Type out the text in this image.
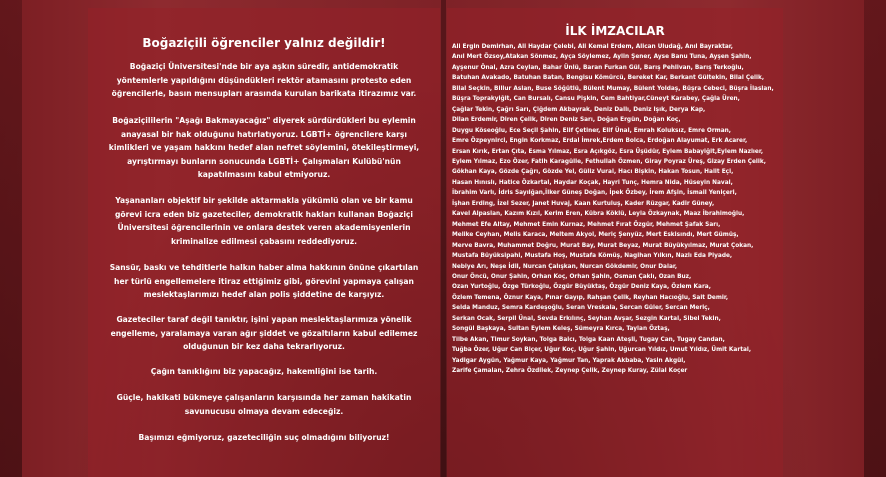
Boğaziçili öğrenciler yalnız değildir!
Boğaziçi Üniversitesi'nde bir aya aşkın süredir, antidemokratik yöntemlerle yapıldığını düşündükleri rektör atamasını protesto eden öğrencilerle, basın mensupları arasında kurulan barikata itirazımız var.
Boğaziçililerin "Aşağı Bakmayacağız" diyerek sürdürdükleri bu eylemin anayasal bir hak olduğunu hatırlatıyoruz. LGBTİ+ öğrencilere karşı kimlikleri ve yaşam hakkını hedef alan nefret söylemini, ötekileştirmeyi, ayrıştırmayı bunların sonucunda LGBTİ+ Çalışmaları Kulübü'nün kapatılmasını kabul etmiyoruz.
Yaşananları objektif bir şekilde aktarmakla yükümlü olan ve bir kamu görevi icra eden biz gazeteciler, demokratik hakları kullanan Boğaziçi Üniversitesi öğrencilerinin ve onlara destek veren akademisyenlerin kriminalize edilmesi çabasını reddediyoruz.
Sansür, baskı ve tehditlerle halkın haber alma hakkının önüne çıkartılan her türlü engellemelere itiraz ettiğimiz gibi, görevini yapmaya çalışan meslektaşlarımızı hedef alan polis şiddetine de karşıyız.
Gazeteciler taraf değil tanıktır, işini yapan meslektaşlarımıza yönelik engelleme, yaralamaya varan ağır şiddet ve gözaltıların kabul edilemez olduğunun bir kez daha tekrarlıyoruz.
Çağın tanıklığını biz yapacağız, hakemliğini ise tarih.
Güçle, hakikati bükmeye çalışanların karşısında her zaman hakikatin savunucusu olmaya devam edeceğiz.
Başımızı eğmiyoruz, gazeteciliğin suç olmadığını biliyoruz!
İLK İMZACILAR
Ali Ergin Demirhan, Ali Haydar Çelebi, Ali Kemal Erdem, Alican Uludağ, Anıl Bayraktar,
Anıl Mert Özsoy,Atakan Sönmez, Ayça Söylemez, Aylin Şener, Ayse Banu Tuna, Ayşen Şahin,
Ayşenur Önal, Azra Ceylan, Bahar Ünlü, Baran Furkan Gül, Barış Pehlivan, Barış Terkoğlu,
Batuhan Avakado, Batuhan Batan, Bengisu Kömürcü, Bereket Kar, Berkant Gültekin, Bilal Çelik,
Bilal Seçkin, Billur Aslan, Buse Söğütlü, Bülent Mumay, Bülent Yoldaş, Büşra Cebeci, Büşra İlaslan,
Büşra Toprakyiğit, Can Bursalı, Cansu Pişkin, Cem Bahtiyar,Cüneyt Karabey, Çağla Üren,
Çağlar Tekin, Çağrı Sarı, Çiğdem Akbayrak, Deniz Dallı, Deniz Işık, Derya Kap,
Dilan Erdemir, Diren Çelik, Diren Deniz Sarı, Doğan Ergün, Doğan Koç,
Duygu Köseoğlu, Ece Seçil Şahin, Elif Çetiner, Elif Ünal, Emrah Koluksız, Emre Orman,
Emre Özpeynirci, Engin Korkmaz, Erdal İmrek,Erdem Bolca, Erdoğan Alayumat, Erk Acarer,
Ersan Kırık, Ertan Çıta, Esma Yılmaz, Esra Açıkgöz, Esra Üşüdür, Eylem Babayiğit,Eylem Nazlıer,
Eylem Yılmaz, Ezo Özer, Fatih Karagülle, Fethullah Özmen, Giray Poyraz Üreş, Gizay Erden Çelik,
Gökhan Kaya, Gözde Çağrı, Gözde Yel, Güliz Vural, Hacı Bişkin, Hakan Tosun, Halit Eçi,
Hasan Hınıslı, Hatice Özkartal, Haydar Koçak, Hayri Tunç, Hemra Nida, Hüseyin Naval,
İbrahim Varlı, İdris Sayılğan,İlker Güneş Doğan, İpek Özbey, İrem Afşin, İsmail Yeniçeri,
İşhan Erding, İzel Sezer, Janet Huvaj, Kaan Kurtuluş, Kader Rüzgar, Kadir Güney,
Kavel Alpaslan, Kazım Kızıl, Kerim Eren, Kübra Köklü, Leyla Özkaynak, Maaz İbrahimoğlu,
Mehmet Efe Altay, Mehmet Emin Kurnaz, Mehmet Fırat Özgür, Mehmet Şafak Sarı,
Melike Ceyhan, Melis Karaca, Meltem Akyol, Meriç Şenyüz, Mert Eskisındı, Mert Gümüş,
Merve Bavra, Muhammet Doğru, Murat Bay, Murat Beyaz, Murat Büyükyılmaz, Murat Çokan,
Mustafa Büyüksipahi, Mustafa Hoş, Mustafa Kömüş, Nagihan Yılkın, Nazlı Eda Piyade,
Nebiye Arı, Neşe İdil, Nurcan Çalışkan, Nurcan Gökdemir, Onur Dalar,
Onur Öncü, Onur Şahin, Orhan Koç, Orhan Şahin, Osman Çaklı, Ozan Buz,
Ozan Yurtoğlu, Özge Türkoğlu, Özgür Büyüktaş, Özgür Deniz Kaya, Özlem Kara,
Özlem Temena, Öznur Kaya, Pınar Gayıp, Rahşan Çelik, Reyhan Hacıoğlu, Sait Demir,
Selda Manduz, Semra Kardeşoğlu, Seran Vreskala, Sercan Güler, Sercan Meriç,
Serkan Ocak, Serpil Ünal, Sevda Erkılınç, Seyhan Avşar, Sezgin Kartal, Sibel Tekin,
Songül Başkaya, Sultan Eylem Keleş, Sümeyra Kırca, Taylan Öztaş,
Tilbe Akan, Timur Soykan, Tolga Balcı, Tolga Kaan Ateşli, Tugay Can, Tugay Candan,
Tuğba Özer, Uğur Can Biçer, Uğur Koç, Uğur Şahin, Uğurcan Yıldız, Umut Yıldız, Ümit Kartal,
Yadigar Aygün, Yağmur Kaya, Yağmur Tan, Yaprak Akbaba, Yasin Akgül,
Zarife Çamalan, Zehra Özdilek, Zeynep Çelik, Zeynep Kuray, Zülal Koçer
